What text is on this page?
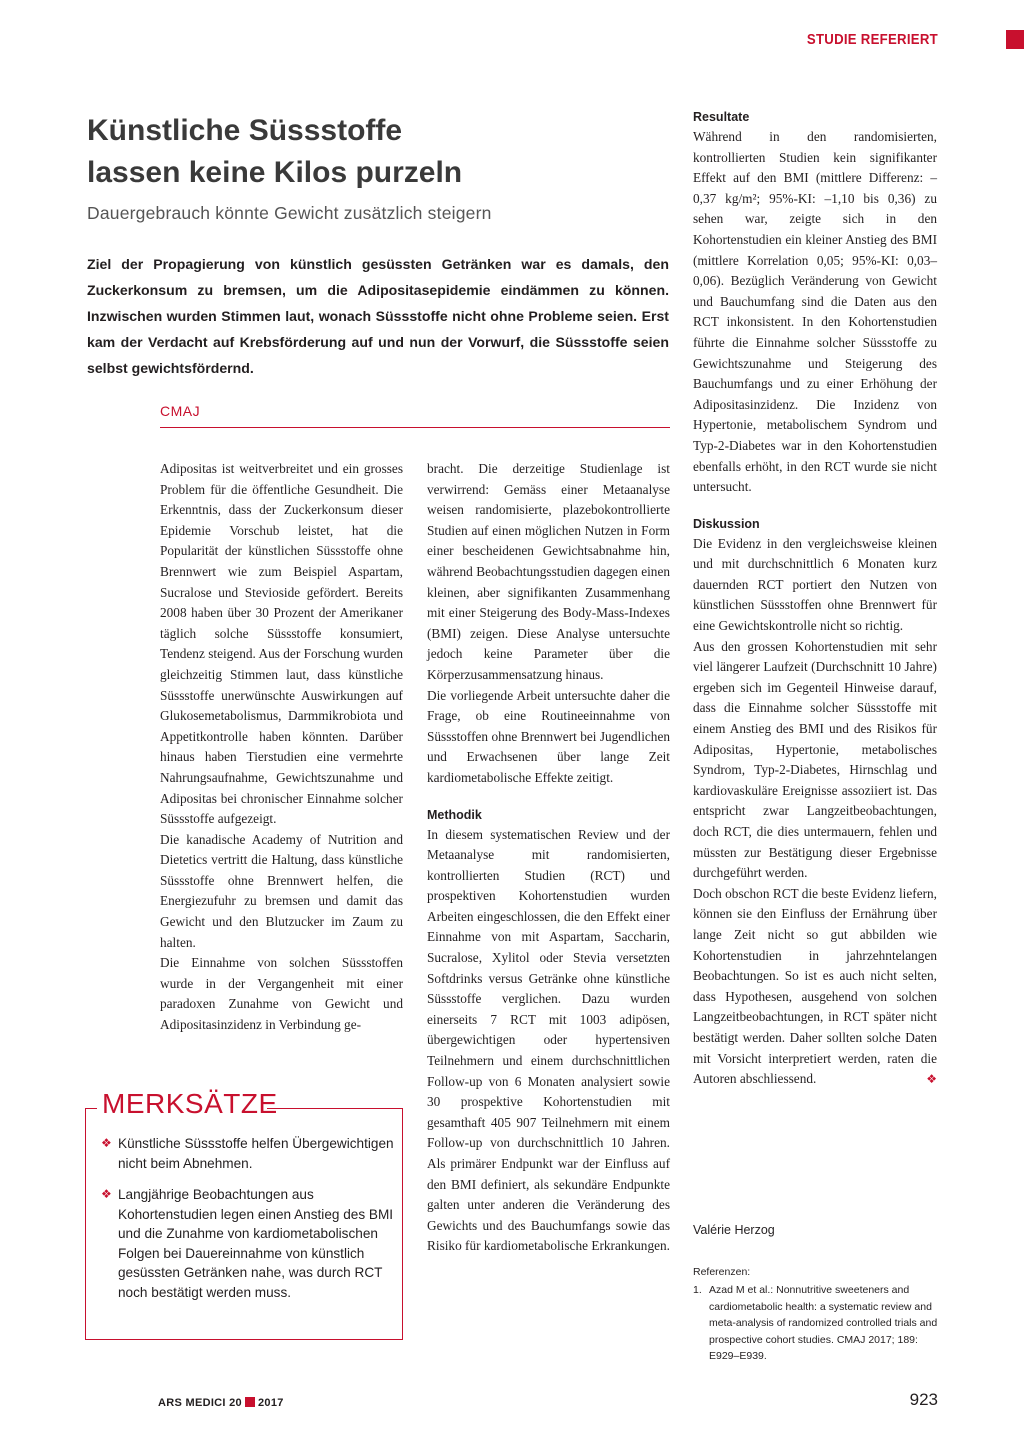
STUDIE REFERIERT
Künstliche Süssstoffe
lassen keine Kilos purzeln

Dauergebrauch könnte Gewicht zusätzlich steigern

Ziel der Propagierung von künstlich gesüssten Getränken war es damals, den Zuckerkonsum zu bremsen, um die Adipositasepidemie eindämmen zu können. Inzwischen wurden Stimmen laut, wonach Süssstoffe nicht ohne Probleme seien. Erst kam der Verdacht auf Krebsförderung auf und nun der Vorwurf, die Süssstoffe seien selbst gewichtsfördernd.

CMAJ

Adipositas ist weitverbreitet und ein grosses Problem für die öffentliche Gesundheit. Die Erkenntnis, dass der Zuckerkonsum dieser Epidemie Vorschub leistet, hat die Popularität der künstlichen Süssstoffe ohne Brennwert wie zum Beispiel Aspartam, Sucralose und Stevioside gefördert. Bereits 2008 haben über 30 Prozent der Amerikaner täglich solche Süssstoffe konsumiert, Tendenz steigend. Aus der Forschung wurden gleichzeitig Stimmen laut, dass künstliche Süssstoffe unerwünschte Auswirkungen auf Glukosemetabolismus, Darmmikrobiota und Appetitkontrolle haben könnten. Darüber hinaus haben Tierstudien eine vermehrte Nahrungsaufnahme, Gewichtszunahme und Adipositas bei chronischer Einnahme solcher Süssstoffe aufgezeigt.

Die kanadische Academy of Nutrition and Dietetics vertritt die Haltung, dass künstliche Süssstoffe ohne Brennwert helfen, die Energiezufuhr zu bremsen und damit das Gewicht und den Blutzucker im Zaum zu halten.

Die Einnahme von solchen Süssstoffen wurde in der Vergangenheit mit einer paradoxen Zunahme von Gewicht und Adipositasinzidenz in Verbindung ge-

bracht. Die derzeitige Studienlage ist verwirrend: Gemäss einer Metaanalyse weisen randomisierte, plazebokontrollierte Studien auf einen möglichen Nutzen in Form einer bescheidenen Gewichtsabnahme hin, während Beobachtungsstudien dagegen einen kleinen, aber signifikanten Zusammenhang mit einer Steigerung des Body-Mass-Indexes (BMI) zeigen. Diese Analyse untersuchte jedoch keine Parameter über die Körperzusammensatzung hinaus.

Die vorliegende Arbeit untersuchte daher die Frage, ob eine Routineeinnahme von Süssstoffen ohne Brennwert bei Jugendlichen und Erwachsenen über lange Zeit kardiometabolische Effekte zeitigt.

Methodik

In diesem systematischen Review und der Metaanalyse mit randomisierten, kontrollierten Studien (RCT) und prospektiven Kohortenstudien wurden Arbeiten eingeschlossen, die den Effekt einer Einnahme von mit Aspartam, Saccharin, Sucralose, Xylitol oder Stevia versetzten Softdrinks versus Getränke ohne künstliche Süssstoffe verglichen. Dazu wurden einerseits 7 RCT mit 1003 adipösen, übergewichtigen oder hypertensiven Teilnehmern und einem durchschnittlichen Follow-up von 6 Monaten analysiert sowie 30 prospektive Kohortenstudien mit gesamthaft 405 907 Teilnehmern mit einem Follow-up von durchschnittlich 10 Jahren. Als primärer Endpunkt war der Einfluss auf den BMI definiert, als sekundäre Endpunkte galten unter anderen die Veränderung des Gewichts und des Bauchumfangs sowie das Risiko für kardiometabolische Erkrankungen.

Resultate

Während in den randomisierten, kontrollierten Studien kein signifikanter Effekt auf den BMI (mittlere Differenz: –0,37 kg/m²; 95%-KI: –1,10 bis 0,36) zu sehen war, zeigte sich in den Kohortenstudien ein kleiner Anstieg des BMI (mittlere Korrelation 0,05; 95%-KI: 0,03–0,06). Bezüglich Veränderung von Gewicht und Bauchumfang sind die Daten aus den RCT inkonsistent. In den Kohortenstudien führte die Einnahme solcher Süssstoffe zu Gewichtszunahme und Steigerung des Bauchumfangs und zu einer Erhöhung der Adipositasinzidenz. Die Inzidenz von Hypertonie, metabolischem Syndrom und Typ-2-Diabetes war in den Kohortenstudien ebenfalls erhöht, in den RCT wurde sie nicht untersucht.

Diskussion

Die Evidenz in den vergleichsweise kleinen und mit durchschnittlich 6 Monaten kurz dauernden RCT portiert den Nutzen von künstlichen Süssstoffen ohne Brennwert für eine Gewichtskontrolle nicht so richtig.

Aus den grossen Kohortenstudien mit sehr viel längerer Laufzeit (Durchschnitt 10 Jahre) ergeben sich im Gegenteil Hinweise darauf, dass die Einnahme solcher Süssstoffe mit einem Anstieg des BMI und des Risikos für Adipositas, Hypertonie, metabolisches Syndrom, Typ-2-Diabetes, Hirnschlag und kardiovaskuläre Ereignisse assoziiert ist. Das entspricht zwar Langzeitbeobachtungen, doch RCT, die dies untermauern, fehlen und müssten zur Bestätigung dieser Ergebnisse durchgeführt werden.

Doch obschon RCT die beste Evidenz liefern, können sie den Einfluss der Ernährung über lange Zeit nicht so gut abbilden wie Kohortenstudien in jahrzehntelangen Beobachtungen. So ist es auch nicht selten, dass Hypothesen, ausgehend von solchen Langzeitbeobachtungen, in RCT später nicht bestätigt werden. Daher sollten solche Daten mit Vorsicht interpretiert werden, raten die Autoren abschliessend.	❖

MERKSÄTZE
❖ Künstliche Süssstoffe helfen Übergewichtigen nicht beim Abnehmen.
❖ Langjährige Beobachtungen aus Kohortenstudien legen einen Anstieg des BMI und die Zunahme von kardiometabolischen Folgen bei Dauereinnahme von künstlich gesüssten Getränken nahe, was durch RCT noch bestätigt werden muss.
Valérie Herzog
Referenzen:
1. Azad M et al.: Nonnutritive sweeteners and cardiometabolic health: a systematic review and meta-analysis of randomized controlled trials and prospective cohort studies. CMAJ 2017; 189: E929–E939.
ARS MEDICI 20 2017	923
